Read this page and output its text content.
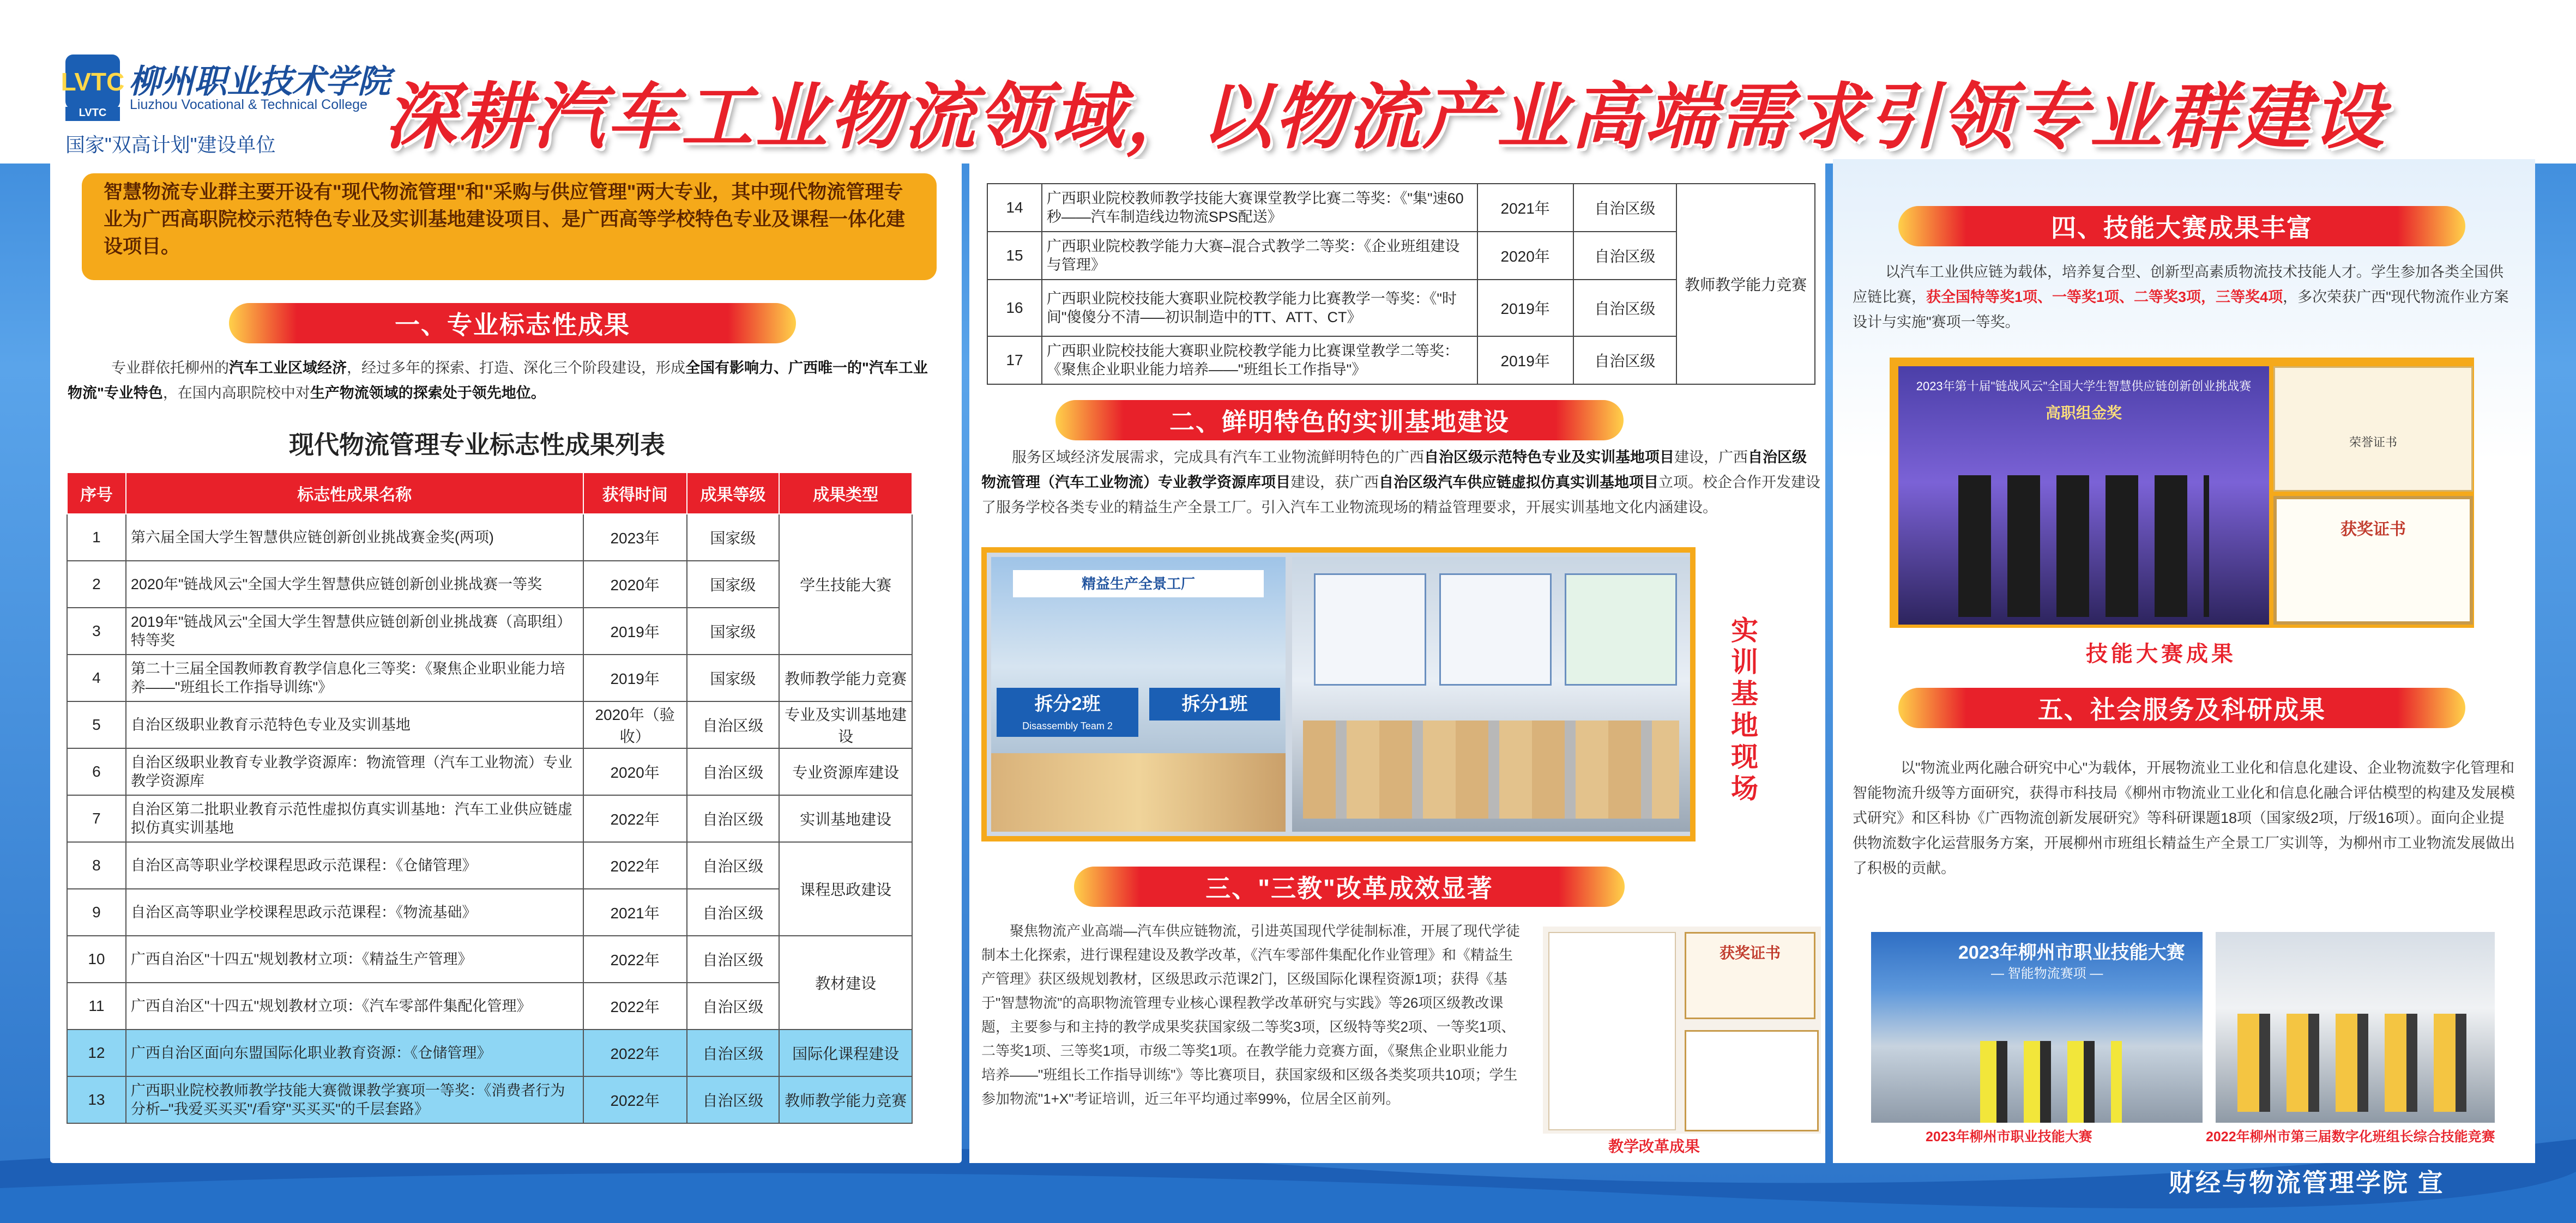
LVTC
LVTC
柳州职业技术学院
Liuzhou Vocational & Technical College
国家"双高计划"建设单位 深耕汽车工业物流领域，以物流产业高端需求引领专业群建设
智慧物流专业群主要开设有"现代物流管理"和"采购与供应管理"两大专业，其中现代物流管理专业为广西高职院校示范特色专业及实训基地建设项目、是广西高等学校特色专业及课程一体化建设项目。
一、专业标志性成果
专业群依托柳州的汽车工业区域经济，经过多年的探索、打造、深化三个阶段建设，形成全国有影响力、广西唯一的"汽车工业物流"专业特色，在国内高职院校中对生产物流领域的探索处于领先地位。
现代物流管理专业标志性成果列表
序号	标志性成果名称	获得时间	成果等级	成果类型
1	第六届全国大学生智慧供应链创新创业挑战赛金奖(两项)	2023年	国家级	学生技能大赛
2	2020年"链战风云"全国大学生智慧供应链创新创业挑战赛一等奖	2020年	国家级	
3	2019年"链战风云"全国大学生智慧供应链创新创业挑战赛（高职组）特等奖	2019年	国家级	
4	第二十三届全国教师教育教学信息化三等奖：《聚焦企业职业能力培养——"班组长工作指导训练"》	2019年	国家级	教师教学能力竞赛
5	自治区级职业教育示范特色专业及实训基地	2020年（验收）	自治区级	专业及实训基地建设
6	自治区级职业教育专业教学资源库：物流管理（汽车工业物流）专业教学资源库	2020年	自治区级	专业资源库建设
7	自治区第二批职业教育示范性虚拟仿真实训基地：汽车工业供应链虚拟仿真实训基地	2022年	自治区级	实训基地建设
8	自治区高等职业学校课程思政示范课程：《仓储管理》	2022年	自治区级	课程思政建设
9	自治区高等职业学校课程思政示范课程：《物流基础》	2021年	自治区级	
10	广西自治区"十四五"规划教材立项：《精益生产管理》	2022年	自治区级	教材建设
11	广西自治区"十四五"规划教材立项：《汽车零部件集配化管理》	2022年	自治区级	
12	广西自治区面向东盟国际化职业教育资源：《仓储管理》	2022年	自治区级	国际化课程建设
13	广西职业院校教师教学技能大赛微课教学赛项一等奖：《消费者行为分析–"我爱买买买"/看穿"买买买"的千层套路》	2022年	自治区级	教师教学能力竞赛
14	广西职业院校教师教学技能大赛课堂教学比赛二等奖：《"集"速60秒——汽车制造线边物流SPS配送》	2021年	自治区级	教师教学能力竞赛
15	广西职业院校教学能力大赛–混合式教学二等奖：《企业班组建设与管理》	2020年	自治区级	
16	广西职业院校技能大赛职业院校教学能力比赛教学一等奖：《"时间"傻傻分不清–––初识制造中的TT、ATT、CT》	2019年	自治区级	
17	广西职业院校技能大赛职业院校教学能力比赛课堂教学二等奖：《聚焦企业职业能力培养——"班组长工作指导"》	2019年	自治区级	
二、鲜明特色的实训基地建设
服务区域经济发展需求，完成具有汽车工业物流鲜明特色的广西自治区级示范特色专业及实训基地项目建设，广西自治区级物流管理（汽车工业物流）专业教学资源库项目建设，获广西自治区级汽车供应链虚拟仿真实训基地项目立项。校企合作开发建设了服务学校各类专业的精益生产全景工厂。引入汽车工业物流现场的精益管理要求，开展实训基地文化内涵建设。
精益生产全景工厂
拆分2班
Disassembly Team 2
拆分1班
实训基地现场
三、"三教"改革成效显著
聚焦物流产业高端—汽车供应链物流，引进英国现代学徒制标准，开展了现代学徒制本土化探索，进行课程建设及教学改革，《汽车零部件集配化作业管理》和《精益生产管理》获区级规划教材，区级思政示范课2门，区级国际化课程资源1项；获得《基于"智慧物流"的高职物流管理专业核心课程教学改革研究与实践》等26项区级教改课题，主要参与和主持的教学成果奖获国家级二等奖3项，区级特等奖2项、一等奖1项、二等奖1项、三等奖1项，市级二等奖1项。在教学能力竞赛方面，《聚焦企业职业能力培养——"班组长工作指导训练"》等比赛项目，获国家级和区级各类奖项共10项；学生参加物流"1+X"考证培训，近三年平均通过率99%，位居全区前列。
获奖证书
教学改革成果
四、技能大赛成果丰富
以汽车工业供应链为载体，培养复合型、创新型高素质物流技术技能人才。学生参加各类全国供应链比赛，获全国特等奖1项、一等奖1项、二等奖3项，三等奖4项，多次荣获广西"现代物流作业方案设计与实施"赛项一等奖。
2023年第十届"链战风云"全国大学生智慧供应链创新创业挑战赛
高职组金奖
荣誉证书
获奖证书
技能大赛成果
五、社会服务及科研成果
以"物流业两化融合研究中心"为载体，开展物流业工业化和信息化建设、企业物流数字化管理和智能物流升级等方面研究，获得市科技局《柳州市物流业工业化和信息化融合评估模型的构建及发展模式研究》和区科协《广西物流创新发展研究》等科研课题18项（国家级2项，厅级16项）。面向企业提供物流数字化运营服务方案，开展柳州市班组长精益生产全景工厂实训等，为柳州市工业物流发展做出了积极的贡献。
2023年柳州市职业技能大赛
— 智能物流赛项 —
2023年柳州市职业技能大赛	2022年柳州市第三届数字化班组长综合技能竞赛
财经与物流管理学院 宣
